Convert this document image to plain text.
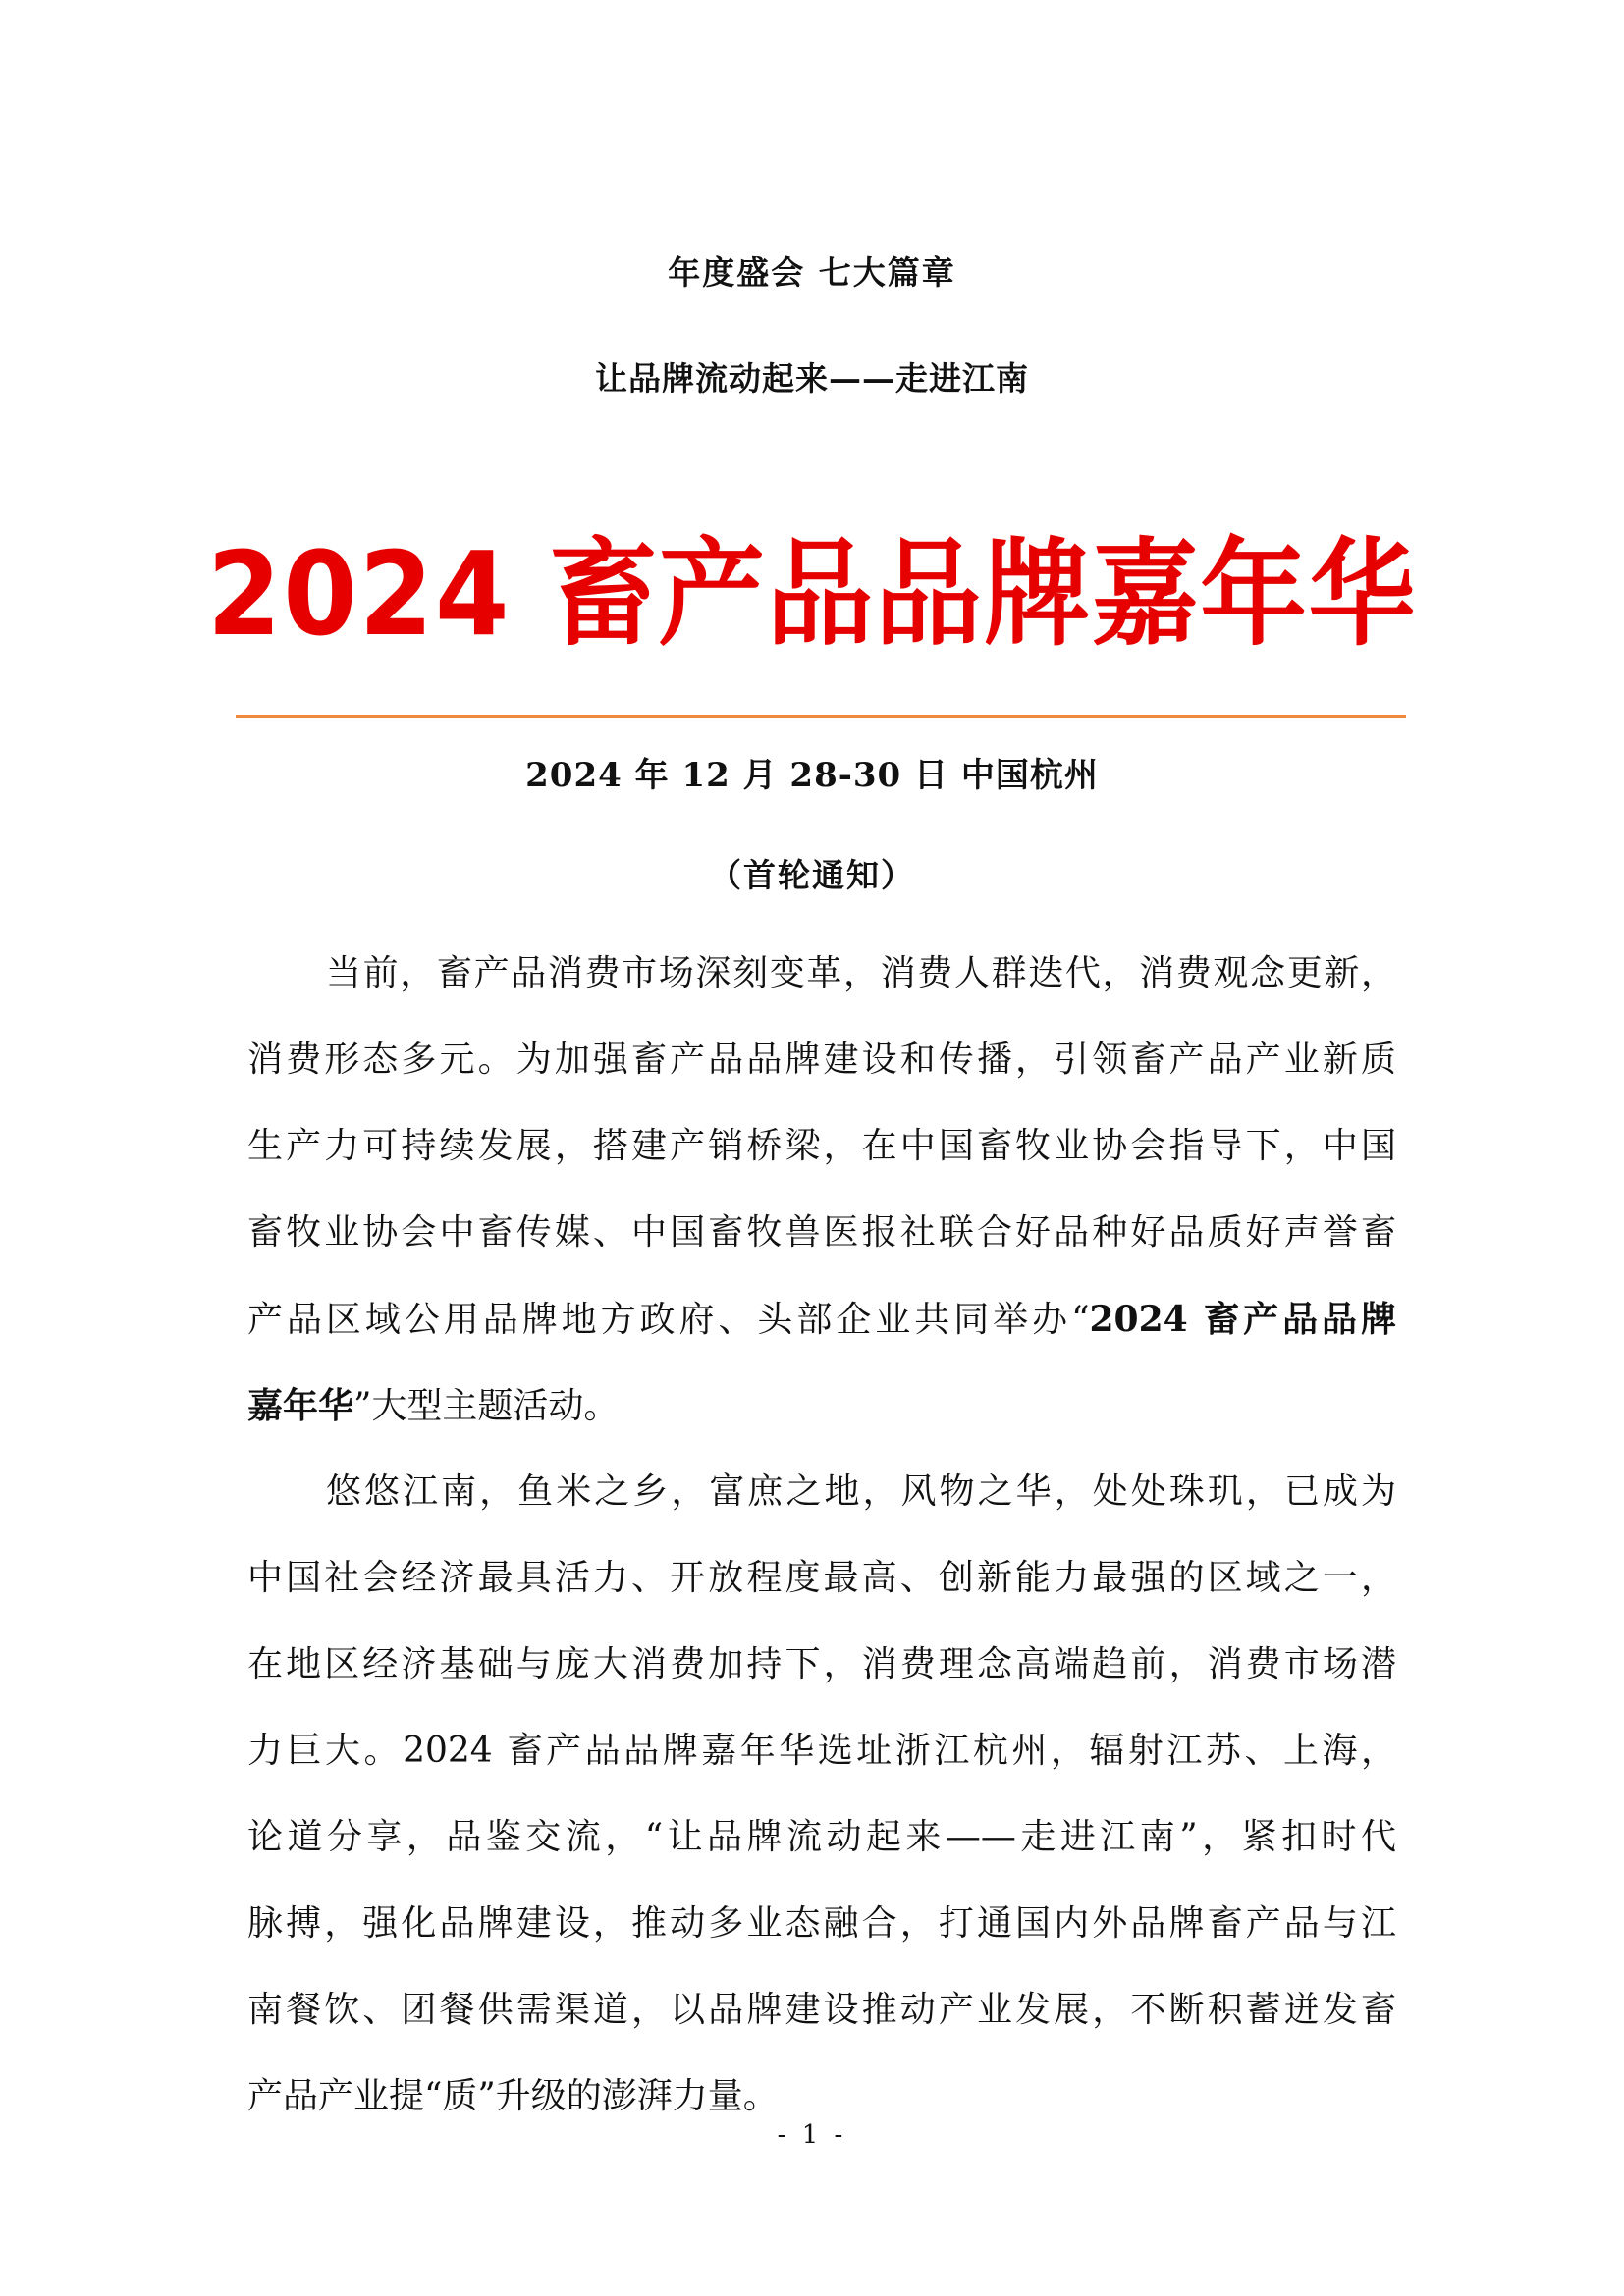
年度盛会 七大篇章
让品牌流动起来——走进江南
2024 畜产品品牌嘉年华
2024 年 12 月 28-30 日 中国杭州
（首轮通知）
当前，畜产品消费市场深刻变革，消费人群迭代，消费观念更新，
消费形态多元。为加强畜产品品牌建设和传播，引领畜产品产业新质
生产力可持续发展，搭建产销桥梁，在中国畜牧业协会指导下，中国
畜牧业协会中畜传媒、中国畜牧兽医报社联合好品种好品质好声誉畜
产品区域公用品牌地方政府、头部企业共同举办“2024 畜产品品牌
嘉年华”大型主题活动。
悠悠江南，鱼米之乡，富庶之地，风物之华，处处珠玑，已成为
中国社会经济最具活力、开放程度最高、创新能力最强的区域之一，
在地区经济基础与庞大消费加持下，消费理念高端趋前，消费市场潜
力巨大。2024 畜产品品牌嘉年华选址浙江杭州，辐射江苏、上海，
论道分享，品鉴交流，“让品牌流动起来——走进江南”，紧扣时代
脉搏，强化品牌建设，推动多业态融合，打通国内外品牌畜产品与江
南餐饮、团餐供需渠道，以品牌建设推动产业发展，不断积蓄迸发畜
产品产业提“质”升级的澎湃力量。
- 1 -
